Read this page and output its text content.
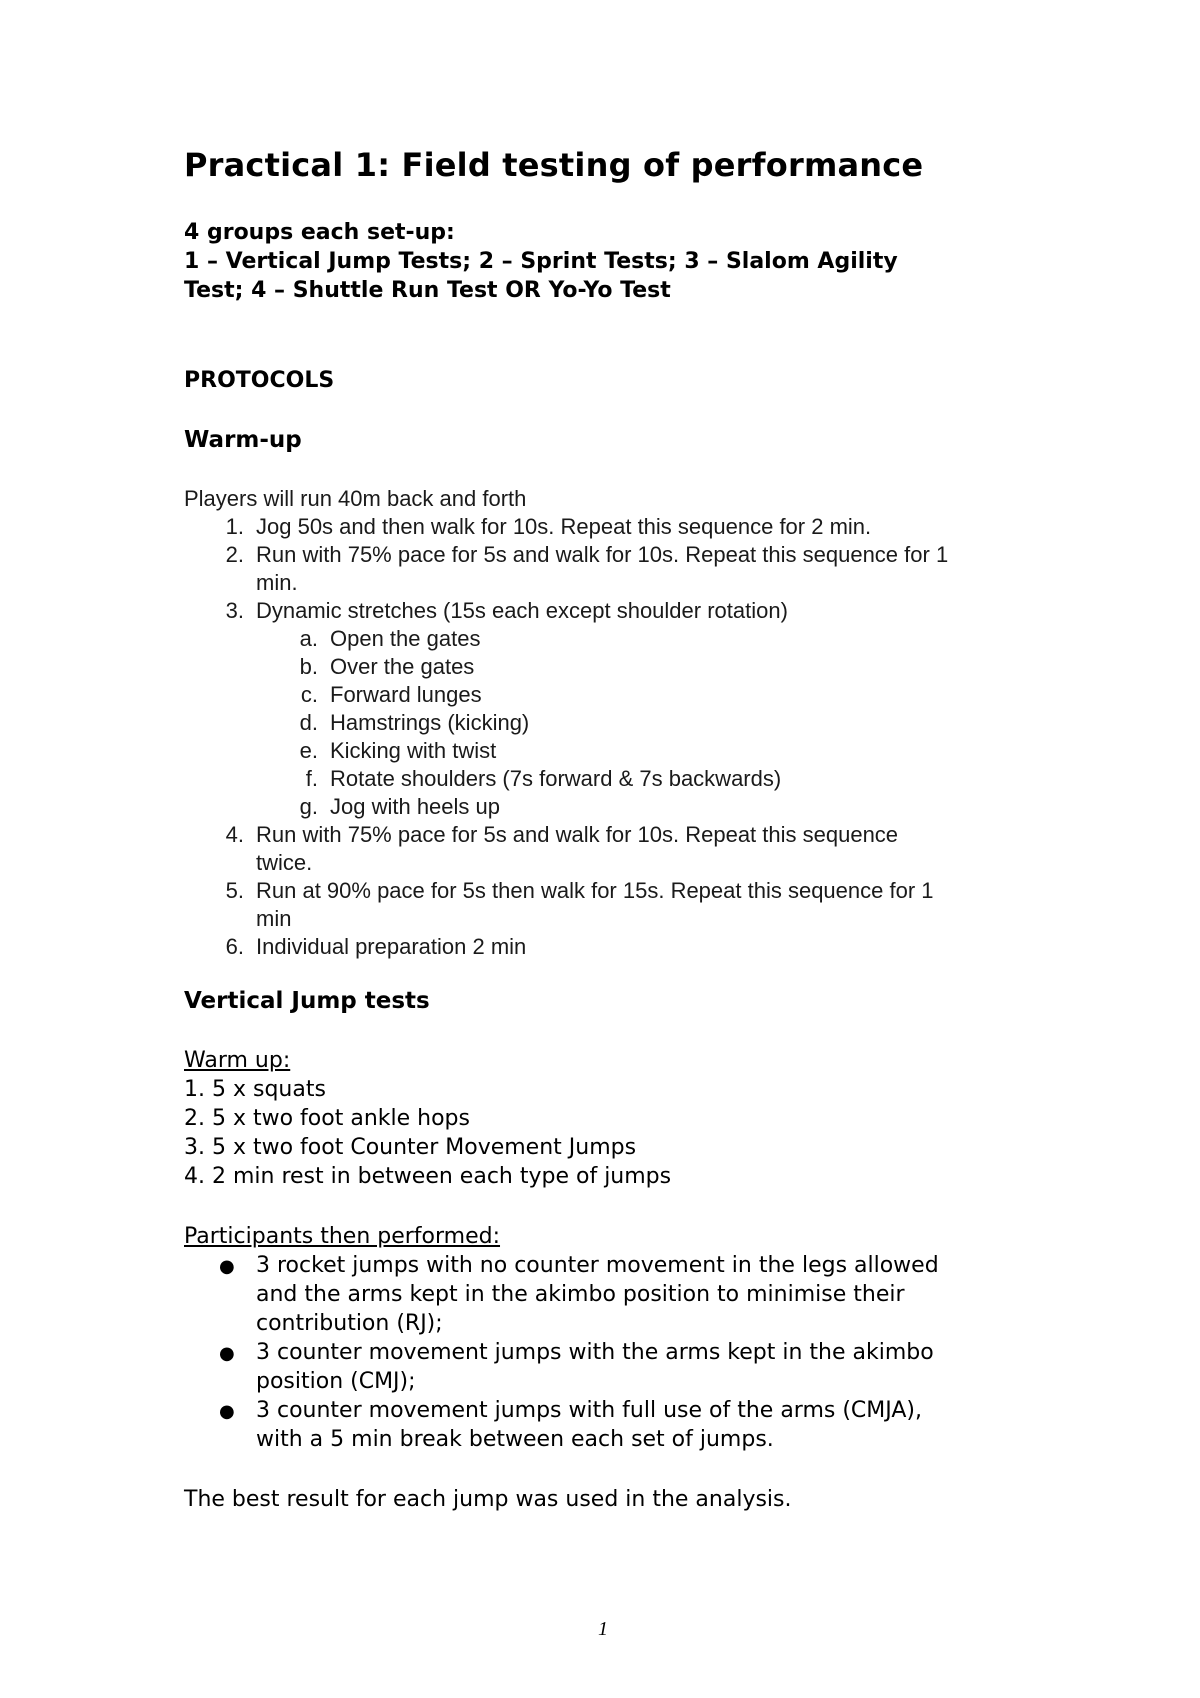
Practical 1: Field testing of performance
4 groups each set-up:
1 – Vertical Jump Tests; 2 – Sprint Tests; 3 – Slalom Agility
Test; 4 – Shuttle Run Test OR Yo-Yo Test
PROTOCOLS
Warm-up
Players will run 40m back and forth
1. Jog 50s and then walk for 10s. Repeat this sequence for 2 min.
2. Run with 75% pace for 5s and walk for 10s. Repeat this sequence for 1
min.
3. Dynamic stretches (15s each except shoulder rotation)
a. Open the gates
b. Over the gates
c. Forward lunges
d. Hamstrings (kicking)
e. Kicking with twist
f. Rotate shoulders (7s forward & 7s backwards)
g. Jog with heels up
4. Run with 75% pace for 5s and walk for 10s. Repeat this sequence
twice.
5. Run at 90% pace for 5s then walk for 15s. Repeat this sequence for 1
min
6. Individual preparation 2 min
Vertical Jump tests
Warm up:
1. 5 x squats
2. 5 x two foot ankle hops
3. 5 x two foot Counter Movement Jumps
4. 2 min rest in between each type of jumps
Participants then performed:
● 3 rocket jumps with no counter movement in the legs allowed
and the arms kept in the akimbo position to minimise their
contribution (RJ);
● 3 counter movement jumps with the arms kept in the akimbo
position (CMJ);
● 3 counter movement jumps with full use of the arms (CMJA),
with a 5 min break between each set of jumps.
The best result for each jump was used in the analysis.
1
